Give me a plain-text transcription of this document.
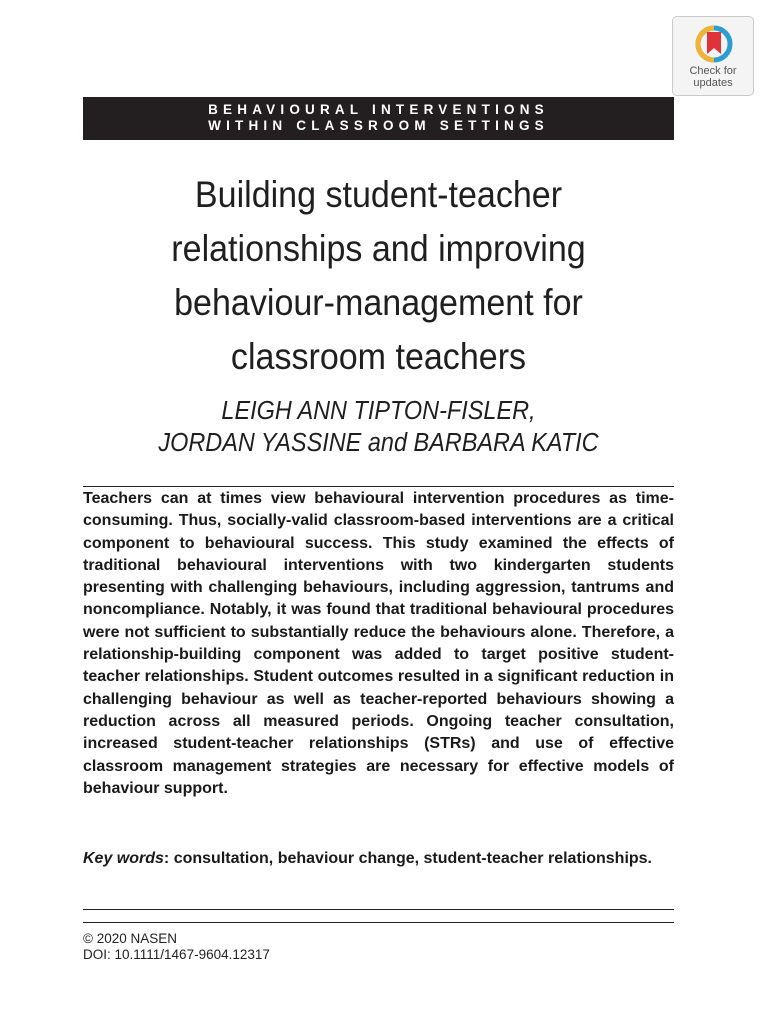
Check for
updates
BEHAVIOURAL INTERVENTIONS
WITHIN CLASSROOM SETTINGS
Building student-teacher
relationships and improving
behaviour-management for
classroom teachers
LEIGH ANN TIPTON-FISLER,
JORDAN YASSINE and BARBARA KATIC

Teachers can at times view behavioural intervention procedures as time-consuming. Thus, socially-valid classroom-based interventions are a critical component to behavioural success. This study examined the effects of traditional behavioural interventions with two kindergarten students presenting with challenging behaviours, including aggression, tantrums and noncompliance. Notably, it was found that traditional behavioural procedures were not sufficient to substantially reduce the behaviours alone. Therefore, a relationship-building component was added to target positive student-teacher relationships. Student outcomes resulted in a significant reduction in challenging behaviour as well as teacher-reported behaviours showing a reduction across all measured periods. Ongoing teacher consultation, increased student-teacher relationships (STRs) and use of effective classroom management strategies are necessary for effective models of behaviour support.

Key words: consultation, behaviour change, student-teacher relationships.

© 2020 NASEN
DOI: 10.1111/1467-9604.12317
